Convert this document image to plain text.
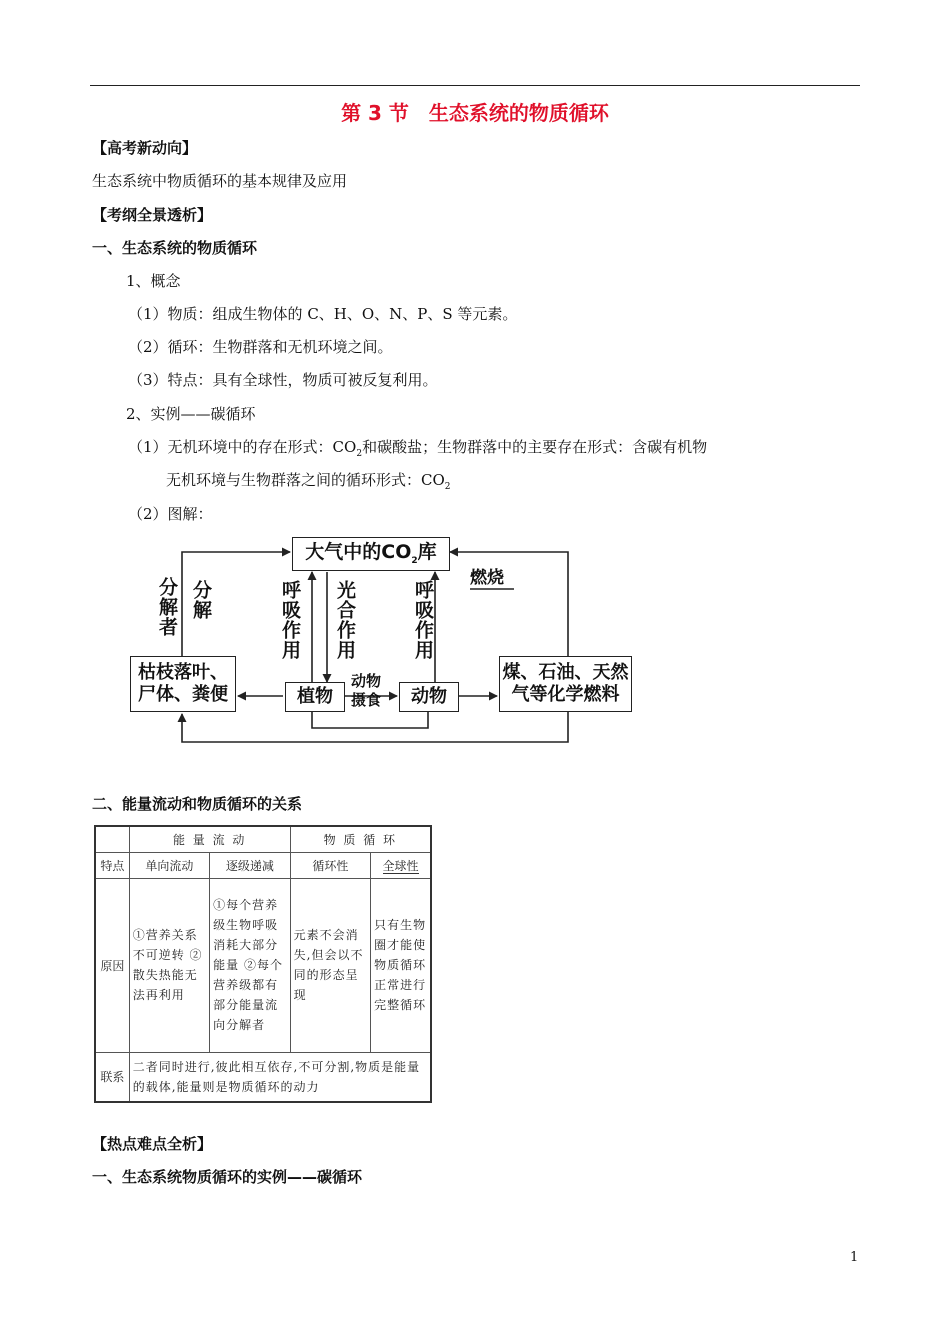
第 3 节　生态系统的物质循环
【高考新动向】
生态系统中物质循环的基本规律及应用
【考纲全景透析】
一、生态系统的物质循环
1、概念
（1）物质：组成生物体的 C、H、O、N、P、S 等元素。
（2）循环：生物群落和无机环境之间。
（3）特点：具有全球性，物质可被反复利用。
2、实例——碳循环
（1）无机环境中的存在形式：$CO_2$和碳酸盐；生物群落中的主要存在形式：含碳有机物
无机环境与生物群落之间的循环形式：$CO_2$
（2）图解：
大气中的$CO_2$库
枯枝落叶、尸体、粪便	植物	动物
煤、石油、天然气等化学燃料
分解者 分解	呼吸作用 光合作用	呼吸作用
燃烧
动物摄食
二、能量流动和物质循环的关系
	能 量 流 动		物 质 循 环	
特点	单向流动	逐级递减	循环性	全球性
原因	①营养关系不可逆转 ②散失热能无法再利用	①每个营养级生物呼吸消耗大部分能量 ②每个营养级都有部分能量流向分解者	元素不会消失,但会以不同的形态呈现	只有生物圈才能使物质循环正常进行完整循环
联系	二者同时进行,彼此相互依存,不可分割,物质是能量的载体,能量则是物质循环的动力			
【热点难点全析】
一、生态系统物质循环的实例——碳循环
1
